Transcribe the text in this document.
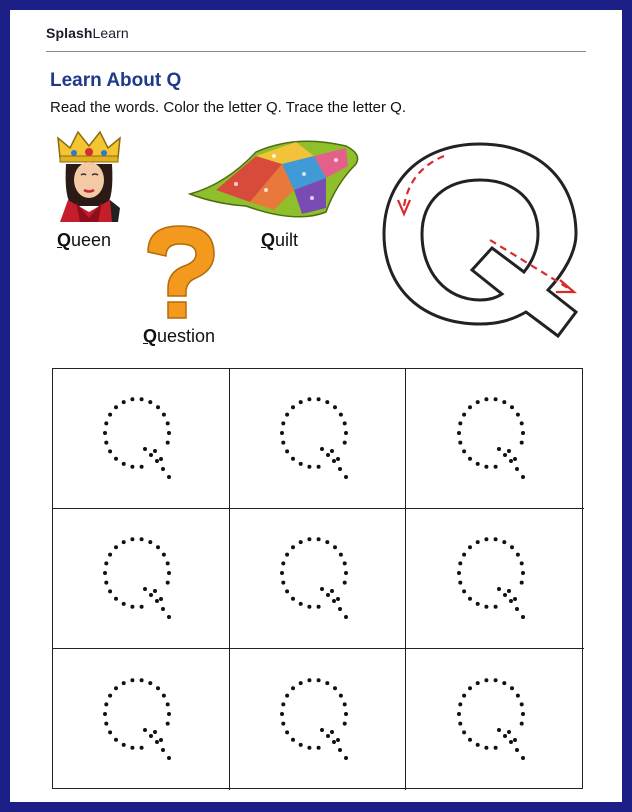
SplashLearn
Learn About Q
Read the words. Color the letter Q. Trace the letter Q.
Queen	Quilt
Question
